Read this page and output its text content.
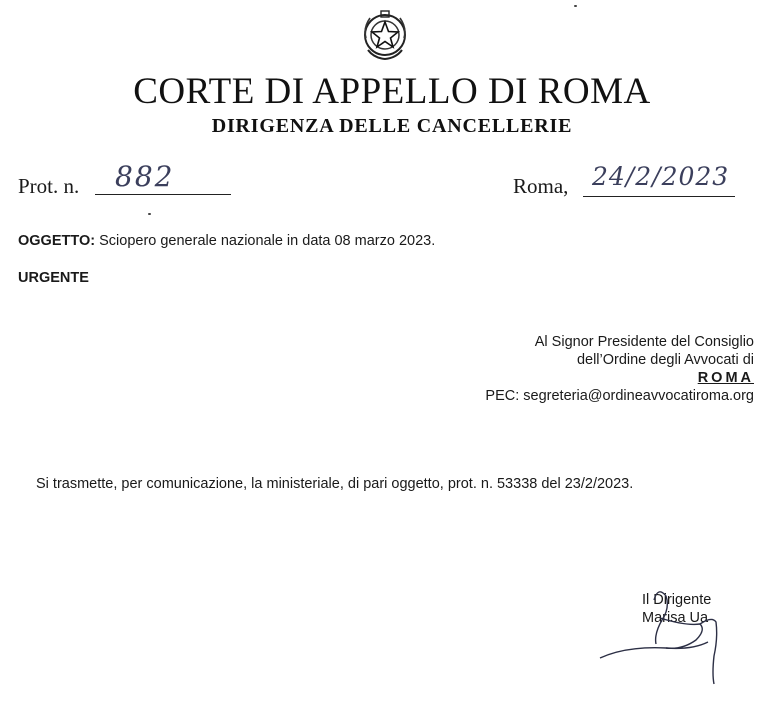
CORTE DI APPELLO DI ROMA
DIRIGENZA DELLE CANCELLERIE
Prot. n. 882	Roma, 24/2/2023
OGGETTO: Sciopero generale nazionale in data 08 marzo 2023.
URGENTE
Al Signor Presidente del Consiglio
dell’Ordine degli Avvocati di
ROMA
PEC: segreteria@ordineavvocatiroma.org
Si trasmette, per comunicazione, la ministeriale, di pari oggetto, prot. n. 53338 del 23/2/2023.
Il Dirigente
Marisa Ua
